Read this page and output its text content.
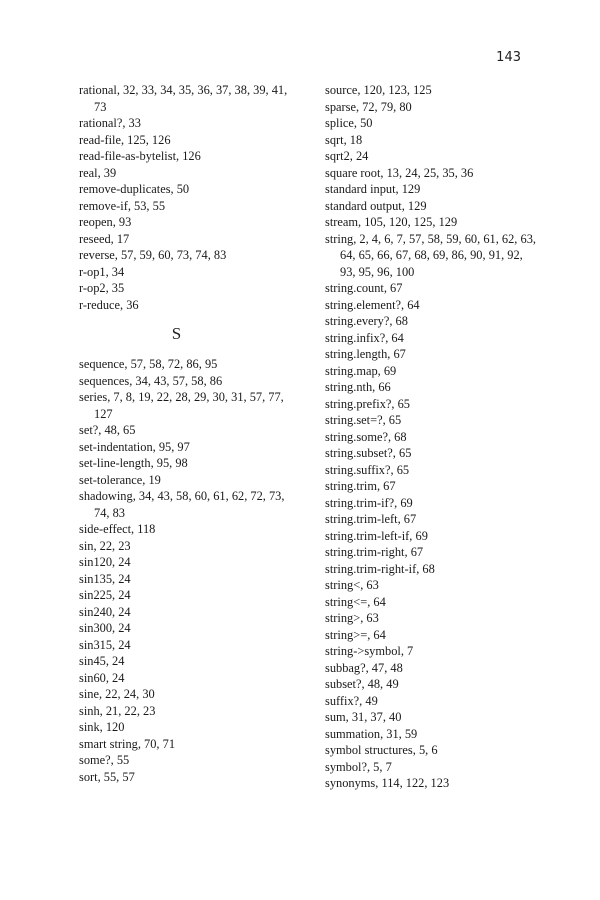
143
rational, 32, 33, 34, 35, 36, 37, 38, 39, 41, 73
rational?, 33
read-file, 125, 126
read-file-as-bytelist, 126
real, 39
remove-duplicates, 50
remove-if, 53, 55
reopen, 93
reseed, 17
reverse, 57, 59, 60, 73, 74, 83
r-op1, 34
r-op2, 35
r-reduce, 36
S
sequence, 57, 58, 72, 86, 95
sequences, 34, 43, 57, 58, 86
series, 7, 8, 19, 22, 28, 29, 30, 31, 57, 77, 127
set?, 48, 65
set-indentation, 95, 97
set-line-length, 95, 98
set-tolerance, 19
shadowing, 34, 43, 58, 60, 61, 62, 72, 73, 74, 83
side-effect, 118
sin, 22, 23
sin120, 24
sin135, 24
sin225, 24
sin240, 24
sin300, 24
sin315, 24
sin45, 24
sin60, 24
sine, 22, 24, 30
sinh, 21, 22, 23
sink, 120
smart string, 70, 71
some?, 55
sort, 55, 57
source, 120, 123, 125
sparse, 72, 79, 80
splice, 50
sqrt, 18
sqrt2, 24
square root, 13, 24, 25, 35, 36
standard input, 129
standard output, 129
stream, 105, 120, 125, 129
string, 2, 4, 6, 7, 57, 58, 59, 60, 61, 62, 63, 64, 65, 66, 67, 68, 69, 86, 90, 91, 92, 93, 95, 96, 100
string.count, 67
string.element?, 64
string.every?, 68
string.infix?, 64
string.length, 67
string.map, 69
string.nth, 66
string.prefix?, 65
string.set=?, 65
string.some?, 68
string.subset?, 65
string.suffix?, 65
string.trim, 67
string.trim-if?, 69
string.trim-left, 67
string.trim-left-if, 69
string.trim-right, 67
string.trim-right-if, 68
string<, 63
string<=, 64
string>, 63
string>=, 64
string->symbol, 7
subbag?, 47, 48
subset?, 48, 49
suffix?, 49
sum, 31, 37, 40
summation, 31, 59
symbol structures, 5, 6
symbol?, 5, 7
synonyms, 114, 122, 123
